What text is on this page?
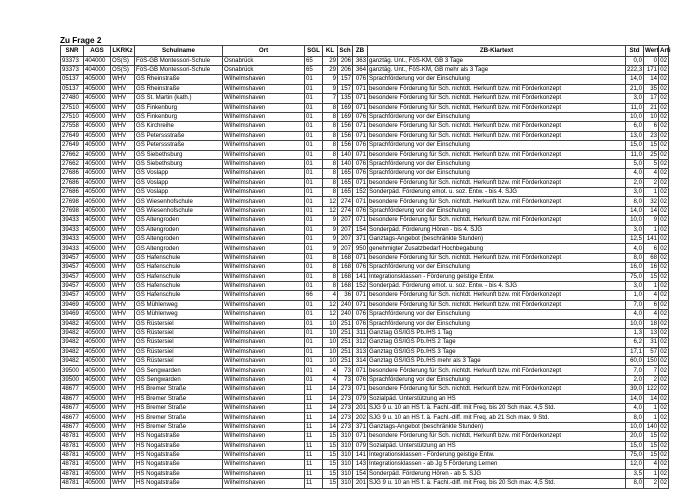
Zu Frage 2
SNR	AGS	LKRKz	Schulname	Ort	SGL	KL	Sch	ZB	ZB-Klartext	Std	Wert	Arti
93373	404000	OS(S)	FöS-GB Montessori-Schule	Osnabrück	65	29	206	363	ganztäg. Unt., FöS-KM, GB 3 Tage	0,0	0	02
93373	404000	OS(S)	FöS-GB Montessori-Schule	Osnabrück	65	29	206	364	ganztäg. Unt., FöS-KM, GB mehr als 3 Tage	222,3	171	02
05137	405000	WHV	GS Rheinstraße	Wilhelmshaven	01	9	157	076	Sprachförderung vor der Einschulung	14,0	14	02
05137	405000	WHV	GS Rheinstraße	Wilhelmshaven	01	9	157	071	besondere Förderung für Sch. nichtdt. Herkunft bzw. mit Förderkonzept	21,0	35	02
27480	405000	WHV	GS St. Martin (kath.)	Wilhelmshaven	01	7	135	071	besondere Förderung für Sch. nichtdt. Herkunft bzw. mit Förderkonzept	3,0	17	02
27510	405000	WHV	GS Finkenburg	Wilhelmshaven	01	8	169	071	besondere Förderung für Sch. nichtdt. Herkunft bzw. mit Förderkonzept	11,0	21	02
27510	405000	WHV	GS Finkenburg	Wilhelmshaven	01	8	169	076	Sprachförderung vor der Einschulung	10,0	10	02
27558	405000	WHV	GS Kirchreihe	Wilhelmshaven	01	8	156	071	besondere Förderung für Sch. nichtdt. Herkunft bzw. mit Förderkonzept	6,0	6	02
27649	405000	WHV	GS Peterssstraße	Wilhelmshaven	01	8	156	071	besondere Förderung für Sch. nichtdt. Herkunft bzw. mit Förderkonzept	13,0	23	02
27649	405000	WHV	GS Peterssstraße	Wilhelmshaven	01	8	156	076	Sprachförderung vor der Einschulung	15,0	15	02
27662	405000	WHV	GS Siebethsburg	Wilhelmshaven	01	8	140	071	besondere Förderung für Sch. nichtdt. Herkunft bzw. mit Förderkonzept	11,0	25	02
27662	405000	WHV	GS Siebethsburg	Wilhelmshaven	01	8	140	076	Sprachförderung vor der Einschulung	5,0	5	02
27686	405000	WHV	GS Voslapp	Wilhelmshaven	01	8	165	076	Sprachförderung vor der Einschulung	4,0	4	02
27686	405000	WHV	GS Voslapp	Wilhelmshaven	01	8	165	071	besondere Förderung für Sch. nichtdt. Herkunft bzw. mit Förderkonzept	2,0	2	02
27686	405000	WHV	GS Voslapp	Wilhelmshaven	01	8	165	152	Sonderpäd. Förderung emot. u. soz. Entw. - bis 4. SJG	3,0	1	02
27698	405000	WHV	GS Wiesenhofschule	Wilhelmshaven	01	12	274	071	besondere Förderung für Sch. nichtdt. Herkunft bzw. mit Förderkonzept	8,0	32	02
27698	405000	WHV	GS Wiesenhofschule	Wilhelmshaven	01	12	274	076	Sprachförderung vor der Einschulung	14,0	14	02
39433	405000	WHV	GS Altengroden	Wilhelmshaven	01	9	207	071	besondere Förderung für Sch. nichtdt. Herkunft bzw. mit Förderkonzept	10,0	9	02
39433	405000	WHV	GS Altengroden	Wilhelmshaven	01	9	207	154	Sonderpäd. Förderung Hören - bis 4. SJG	3,0	1	02
39433	405000	WHV	GS Altengroden	Wilhelmshaven	01	9	207	371	Ganztags-Angebot (beschränkte Stunden)	12,5	141	02
39433	405000	WHV	GS Altengroden	Wilhelmshaven	01	9	207	950	genehmigter Zusatzbedarf Hochbegabung	4,0	6	02
39457	405000	WHV	GS Hafenschule	Wilhelmshaven	01	8	168	071	besondere Förderung für Sch. nichtdt. Herkunft bzw. mit Förderkonzept	8,0	68	02
39457	405000	WHV	GS Hafenschule	Wilhelmshaven	01	8	168	076	Sprachförderung vor der Einschulung	16,0	16	02
39457	405000	WHV	GS Hafenschule	Wilhelmshaven	01	8	168	141	Integrationsklassen - Förderung geistige Entw.	75,0	15	02
39457	405000	WHV	GS Hafenschule	Wilhelmshaven	01	8	168	152	Sonderpäd. Förderung emot. u. soz. Entw. - bis 4. SJG	3,0	1	02
39457	405000	WHV	GS Hafenschule	Wilhelmshaven	66	4	36	071	besondere Förderung für Sch. nichtdt. Herkunft bzw. mit Förderkonzept	1,0	4	02
39469	405000	WHV	GS Mühlenweg	Wilhelmshaven	01	12	240	071	besondere Förderung für Sch. nichtdt. Herkunft bzw. mit Förderkonzept	7,0	6	02
39469	405000	WHV	GS Mühlenweg	Wilhelmshaven	01	12	240	076	Sprachförderung vor der Einschulung	4,0	4	02
39482	405000	WHV	GS Rüstersiel	Wilhelmshaven	01	10	251	076	Sprachförderung vor der Einschulung	10,0	18	02
39482	405000	WHV	GS Rüstersiel	Wilhelmshaven	01	10	251	311	Ganztag GS/IGS Pb./HS 1 Tag	1,3	13	02
39482	405000	WHV	GS Rüstersiel	Wilhelmshaven	01	10	251	312	Ganztag GS/IGS Pb./HS 2 Tage	6,2	31	02
39482	405000	WHV	GS Rüstersiel	Wilhelmshaven	01	10	251	313	Ganztag GS/IGS Pb./HS 3 Tage	17,1	57	02
39482	405000	WHV	GS Rüstersiel	Wilhelmshaven	01	10	251	314	Ganztag GS/IGS Pb./HS mehr als 3 Tage	60,0	150	02
39500	405000	WHV	GS Sengwarden	Wilhelmshaven	01	4	73	071	besondere Förderung für Sch. nichtdt. Herkunft bzw. mit Förderkonzept	7,0	7	02
39500	405000	WHV	GS Sengwarden	Wilhelmshaven	01	4	73	076	Sprachförderung vor der Einschulung	2,0	2	02
48677	405000	WHV	HS Bremer Straße	Wilhelmshaven	11	14	273	071	besondere Förderung für Sch. nichtdt. Herkunft bzw. mit Förderkonzept	39,0	122	02
48677	405000	WHV	HS Bremer Straße	Wilhelmshaven	11	14	273	079	Sozialpäd. Unterstützung an HS	14,0	14	02
48677	405000	WHV	HS Bremer Straße	Wilhelmshaven	11	14	273	201	SJG 9 u. 10 an HS f. ä. Fachl.-diff. mit Freq. bis 20 Sch max. 4,5 Std.	4,0	1	02
48677	405000	WHV	HS Bremer Straße	Wilhelmshaven	11	14	273	202	SJG 9 u. 10 an HS f. ä. Fachl.-diff. mit Freq. ab 21 Sch max. 9 Std.	8,0	1	02
48677	405000	WHV	HS Bremer Straße	Wilhelmshaven	11	14	273	371	Ganztags-Angebot (beschränkte Stunden)	10,0	140	02
48781	405000	WHV	HS Nogatstraße	Wilhelmshaven	11	15	310	071	besondere Förderung für Sch. nichtdt. Herkunft bzw. mit Förderkonzept	20,0	15	02
48781	405000	WHV	HS Nogatstraße	Wilhelmshaven	11	15	310	079	Sozialpäd. Unterstützung an HS	15,0	15	02
48781	405000	WHV	HS Nogatstraße	Wilhelmshaven	11	15	310	141	Integrationsklassen - Förderung geistige Entw.	75,0	15	02
48781	405000	WHV	HS Nogatstraße	Wilhelmshaven	11	15	310	143	Integrationsklassen - ab Jg 5 Förderung Lernen	12,0	4	02
48781	405000	WHV	HS Nogatstraße	Wilhelmshaven	11	15	310	154	Sonderpäd. Förderung Hören - ab 5. SJG	3,5	1	02
48781	405000	WHV	HS Nogatstraße	Wilhelmshaven	11	15	310	201	SJG 9 u. 10 an HS f. ä. Fachl.-diff. mit Freq. bis 20 Sch max. 4,5 Std.	8,0	2	02
